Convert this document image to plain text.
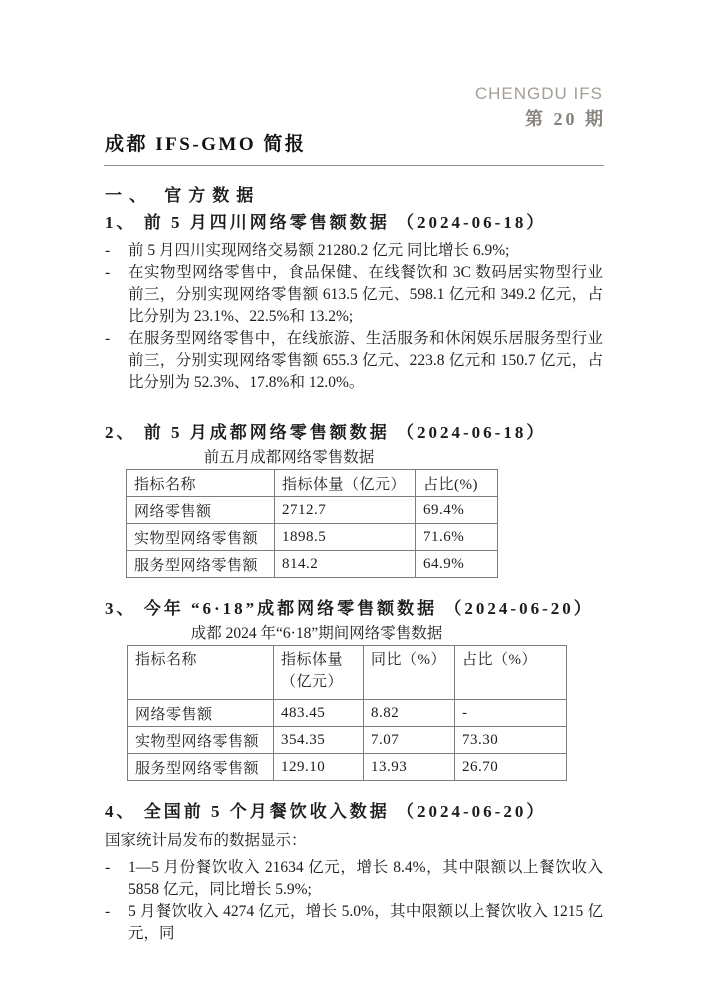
CHENGDU IFS
第 20 期
成都 IFS-GMO 简报
一、 官方数据
1、 前 5 月四川网络零售额数据 （2024-06-18）
-	前 5 月四川实现网络交易额 21280.2 亿元 同比增长 6.9%;
-	在实物型网络零售中，食品保健、在线餐饮和 3C 数码居实物型行业前三，分别实现网络零售额 613.5 亿元、598.1 亿元和 349.2 亿元，占比分别为 23.1%、22.5%和 13.2%;
-	在服务型网络零售中，在线旅游、生活服务和休闲娱乐居服务型行业前三，分别实现网络零售额 655.3 亿元、223.8 亿元和 150.7 亿元，占比分别为 52.3%、17.8%和 12.0%。
2、 前 5 月成都网络零售额数据 （2024-06-18）
前五月成都网络零售数据
指标名称	指标体量（亿元）	占比(%)
网络零售额	2712.7	69.4%
实物型网络零售额	1898.5	71.6%
服务型网络零售额	814.2	64.9%
3、 今年 “6·18”成都网络零售额数据 （2024-06-20）
成都 2024 年“6·18”期间网络零售数据
指标名称	指标体量（亿元）	同比（%）	占比（%）
网络零售额	483.45	8.82	-
实物型网络零售额	354.35	7.07	73.30
服务型网络零售额	129.10	13.93	26.70
4、 全国前 5 个月餐饮收入数据 （2024-06-20）
国家统计局发布的数据显示：
-	1—5 月份餐饮收入 21634 亿元，增长 8.4%，其中限额以上餐饮收入 5858 亿元，同比增长 5.9%;
-	5 月餐饮收入 4274 亿元，增长 5.0%，其中限额以上餐饮收入 1215 亿元，同
